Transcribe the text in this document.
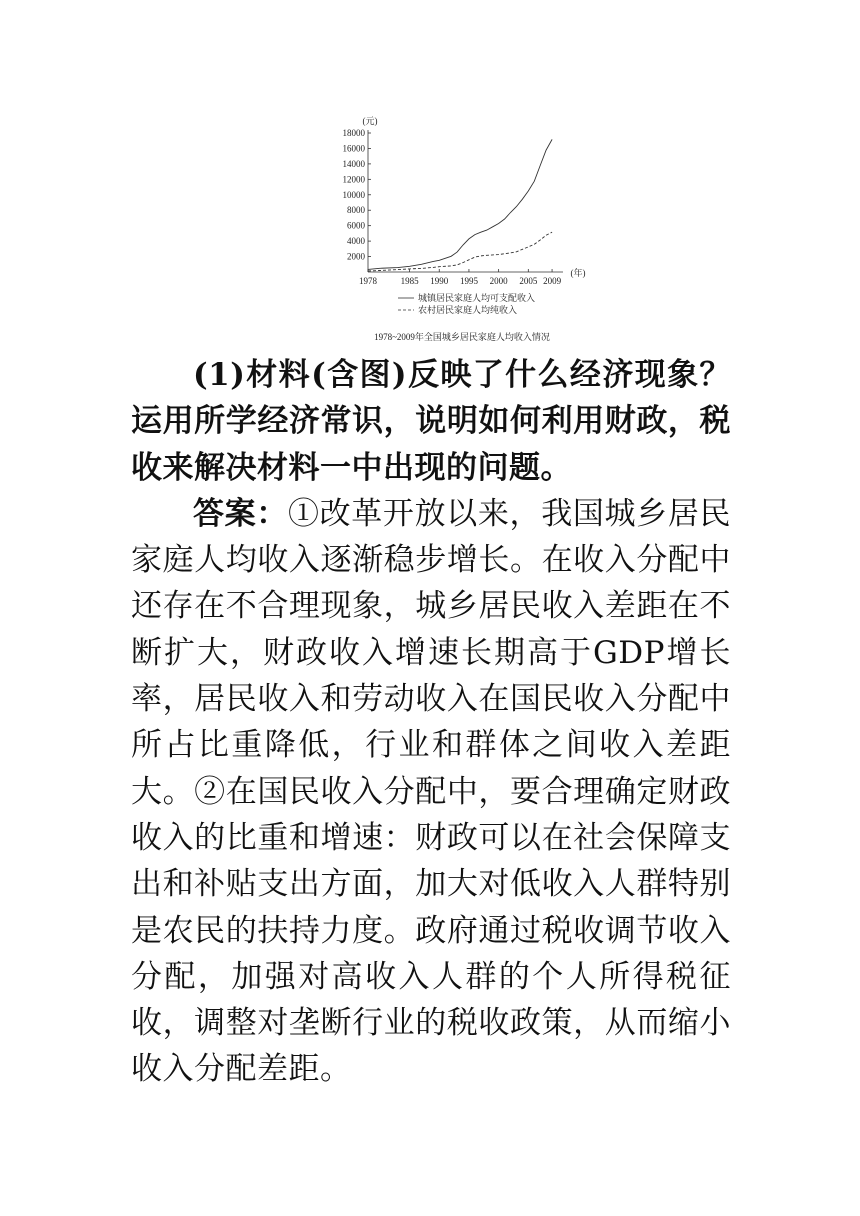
(元)
(年)
2000
4000
6000
8000
10000
12000
14000
16000
18000
1978	1985 1990 1995 2000 2005 2009
城镇居民家庭人均可支配收入
农村居民家庭人均纯收入
1978~2009年全国城乡居民家庭人均收入情况

(1)材料(含图)反映了什么经济现象？运用所学经济常识，说明如何利用财政，税收来解决材料一中出现的问题。

答案：①改革开放以来，我国城乡居民家庭人均收入逐渐稳步增长。在收入分配中还存在不合理现象，城乡居民收入差距在不断扩大，财政收入增速长期高于GDP增长率，居民收入和劳动收入在国民收入分配中所占比重降低，行业和群体之间收入差距大。②在国民收入分配中，要合理确定财政收入的比重和增速：财政可以在社会保障支出和补贴支出方面，加大对低收入人群特别是农民的扶持力度。政府通过税收调节收入分配，加强对高收入人群的个人所得税征收，调整对垄断行业的税收政策，从而缩小收入分配差距。
